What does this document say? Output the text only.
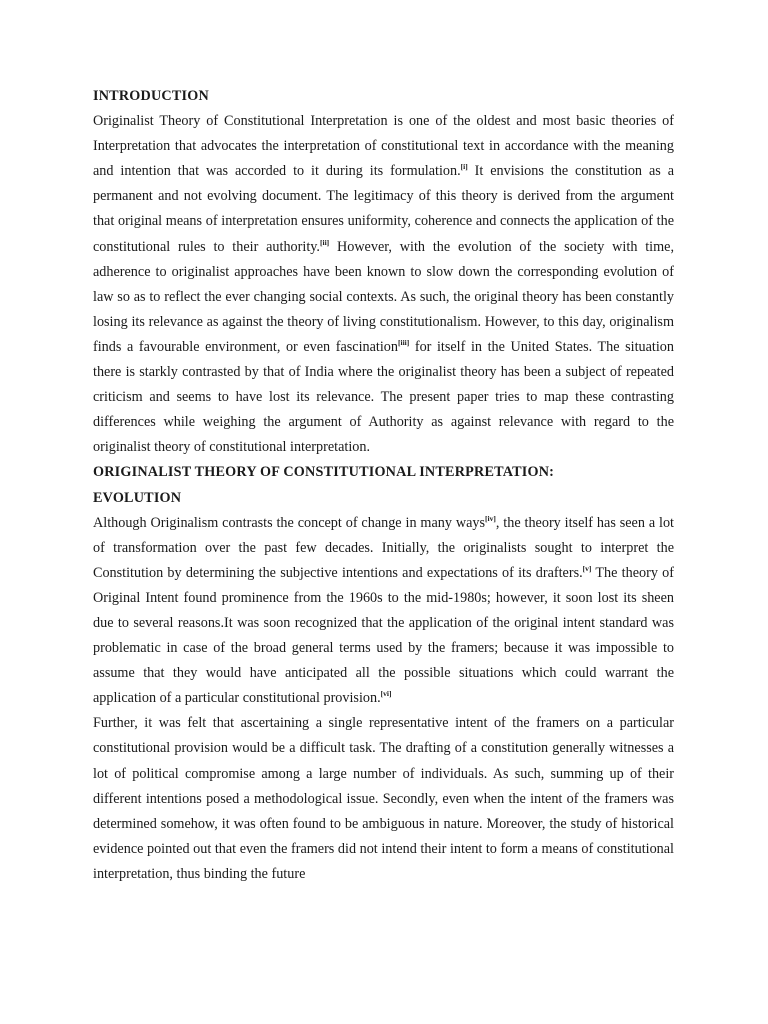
INTRODUCTION

Originalist Theory of Constitutional Interpretation is one of the oldest and most basic theories of Interpretation that advocates the interpretation of constitutional text in accordance with the meaning and intention that was accorded to it during its formulation.[i] It envisions the constitution as a permanent and not evolving document. The legitimacy of this theory is derived from the argument that original means of interpretation ensures uniformity, coherence and connects the application of the constitutional rules to their authority.[ii] However, with the evolution of the society with time, adherence to originalist approaches have been known to slow down the corresponding evolution of law so as to reflect the ever changing social contexts. As such, the original theory has been constantly losing its relevance as against the theory of living constitutionalism. However, to this day, originalism finds a favourable environment, or even fascination[iii] for itself in the United States. The situation there is starkly contrasted by that of India where the originalist theory has been a subject of repeated criticism and seems to have lost its relevance. The present paper tries to map these contrasting differences while weighing the argument of Authority as against relevance with regard to the originalist theory of constitutional interpretation.

ORIGINALIST THEORY OF CONSTITUTIONAL INTERPRETATION:

EVOLUTION

Although Originalism contrasts the concept of change in many ways[iv], the theory itself has seen a lot of transformation over the past few decades. Initially, the originalists sought to interpret the Constitution by determining the subjective intentions and expectations of its drafters.[v] The theory of Original Intent found prominence from the 1960s to the mid-1980s; however, it soon lost its sheen due to several reasons.It was soon recognized that the application of the original intent standard was problematic in case of the broad general terms used by the framers; because it was impossible to assume that they would have anticipated all the possible situations which could warrant the application of a particular constitutional provision.[vi]

Further, it was felt that ascertaining a single representative intent of the framers on a particular constitutional provision would be a difficult task. The drafting of a constitution generally witnesses a lot of political compromise among a large number of individuals. As such, summing up of their different intentions posed a methodological issue. Secondly, even when the intent of the framers was determined somehow, it was often found to be ambiguous in nature. Moreover, the study of historical evidence pointed out that even the framers did not intend their intent to form a means of constitutional interpretation, thus binding the future
